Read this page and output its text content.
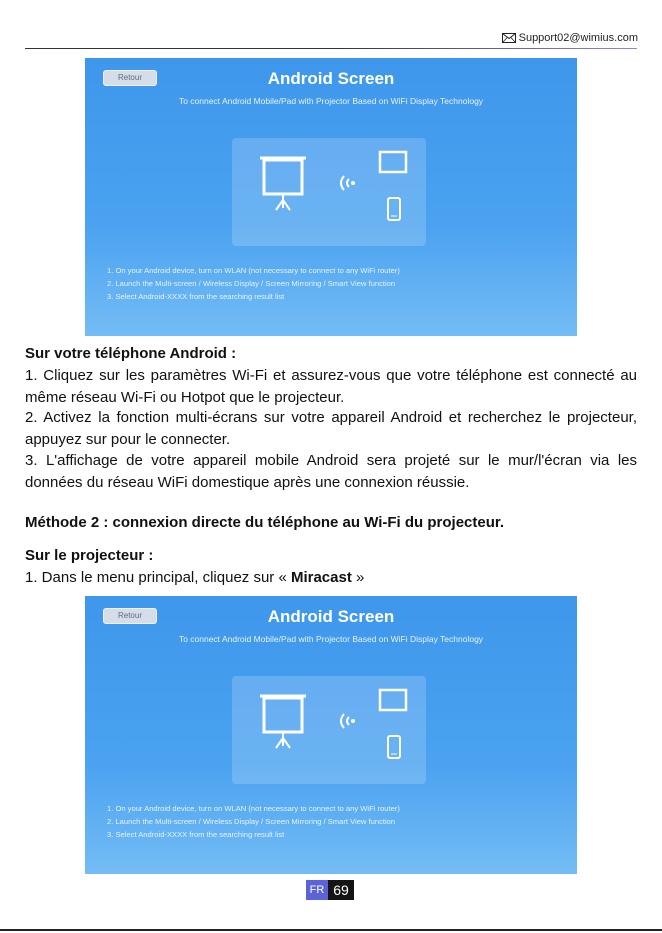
Support02@wimius.com
Retour	Android Screen
To connect Android Mobile/Pad with Projector Based on WiFi Display Technology
1. On your Android device, turn on WLAN (not necessary to connect to any WiFi router)
2. Launch the Multi-screen / Wireless Display / Screen Mirroring / Smart View function
3. Select Android-XXXX from the searching result list
Sur votre téléphone Android :
1. Cliquez sur les paramètres Wi-Fi et assurez-vous que votre téléphone est connecté au même réseau Wi-Fi ou Hotpot que le projecteur.
2. Activez la fonction multi-écrans sur votre appareil Android et recherchez le projecteur, appuyez sur pour le connecter.
3. L'affichage de votre appareil mobile Android sera projeté sur le mur/l'écran via les données du réseau WiFi domestique après une connexion réussie.
Méthode 2 : connexion directe du téléphone au Wi-Fi du projecteur.
Sur le projecteur :
1. Dans le menu principal, cliquez sur « Miracast »
Retour	Android Screen
To connect Android Mobile/Pad with Projector Based on WiFi Display Technology
1. On your Android device, turn on WLAN (not necessary to connect to any WiFi router)
2. Launch the Multi-screen / Wireless Display / Screen Mirroring / Smart View function
3. Select Android-XXXX from the searching result list
FR 69
